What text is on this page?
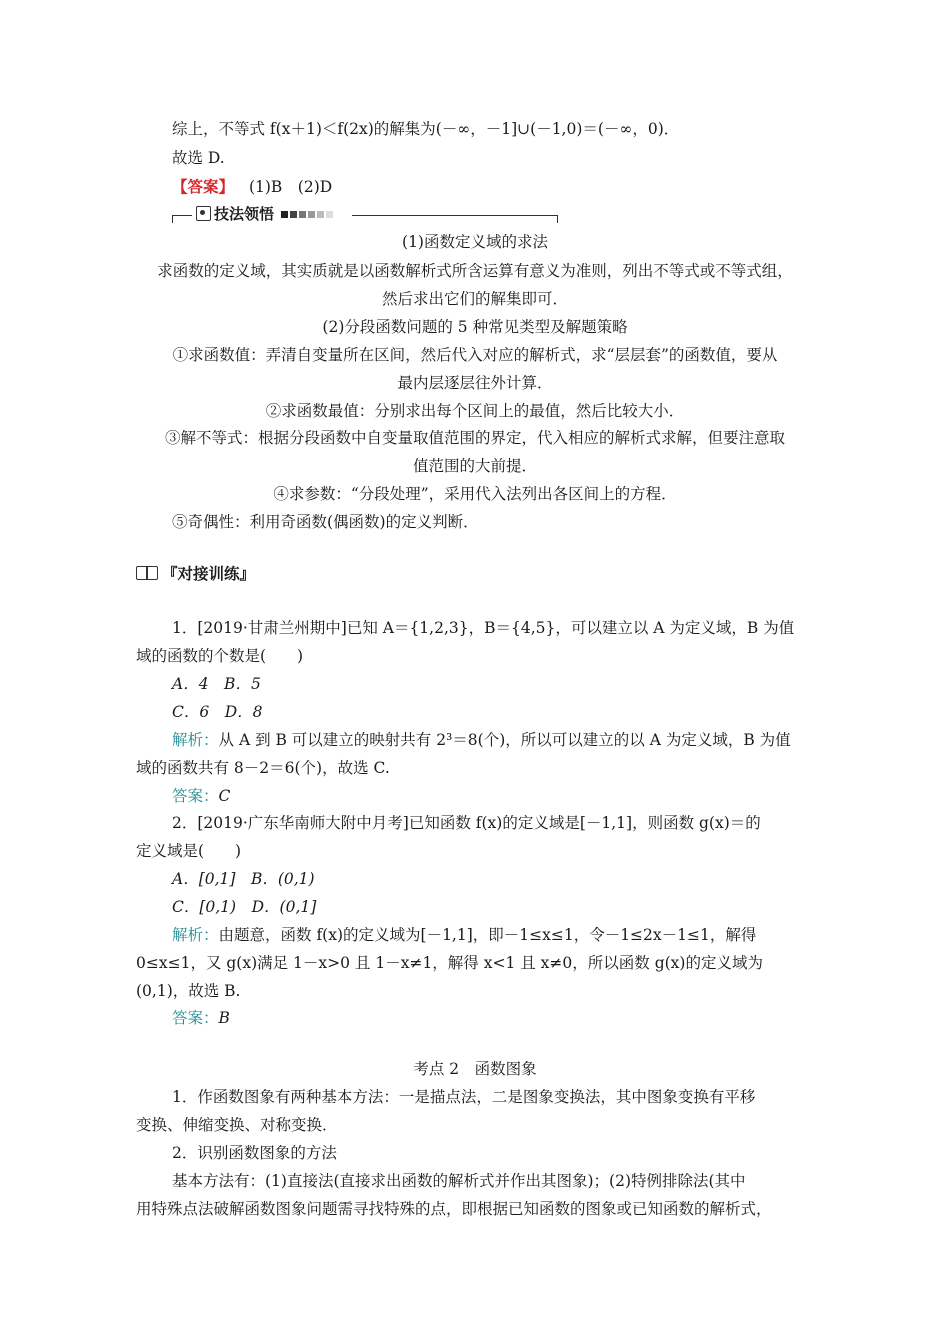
综上，不等式 f(x＋1)＜f(2x)的解集为(－∞，－1]∪(－1,0)＝(－∞，0)．
故选 D.
【答案】 (1)B　(2)D
技法领悟
(1)函数定义域的求法
求函数的定义域，其实质就是以函数解析式所含运算有意义为准则，列出不等式或不等式组，
然后求出它们的解集即可．
(2)分段函数问题的 5 种常见类型及解题策略
①求函数值：弄清自变量所在区间，然后代入对应的解析式，求“层层套”的函数值，要从
最内层逐层往外计算．
②求函数最值：分别求出每个区间上的最值，然后比较大小．
③解不等式：根据分段函数中自变量取值范围的界定，代入相应的解析式求解，但要注意取
值范围的大前提．
④求参数：“分段处理”，采用代入法列出各区间上的方程．
⑤奇偶性：利用奇函数(偶函数)的定义判断．
『对接训练』
1．[2019·甘肃兰州期中]已知 A＝{1,2,3}，B＝{4,5}，可以建立以 A 为定义域，B 为值
域的函数的个数是(　　)
A．4　B．5
C．6　D．8
解析：从 A 到 B 可以建立的映射共有 2³＝8(个)，所以可以建立的以 A 为定义域，B 为值
域的函数共有 8－2＝6(个)，故选 C.
答案：C
2．[2019·广东华南师大附中月考]已知函数 f(x)的定义域是[－1,1]，则函数 g(x)＝的
定义域是(　　)
A．[0,1]　B．(0,1)
C．[0,1)　D．(0,1]
解析：由题意，函数 f(x)的定义域为[－1,1]，即－1≤x≤1，令－1≤2x－1≤1，解得
0≤x≤1，又 g(x)满足 1－x>0 且 1－x≠1，解得 x<1 且 x≠0，所以函数 g(x)的定义域为
(0,1)，故选 B.
答案：B
考点 2　函数图象
1．作函数图象有两种基本方法：一是描点法，二是图象变换法，其中图象变换有平移
变换、伸缩变换、对称变换．
2．识别函数图象的方法
基本方法有：(1)直接法(直接求出函数的解析式并作出其图象)；(2)特例排除法(其中
用特殊点法破解函数图象问题需寻找特殊的点，即根据已知函数的图象或已知函数的解析式，
